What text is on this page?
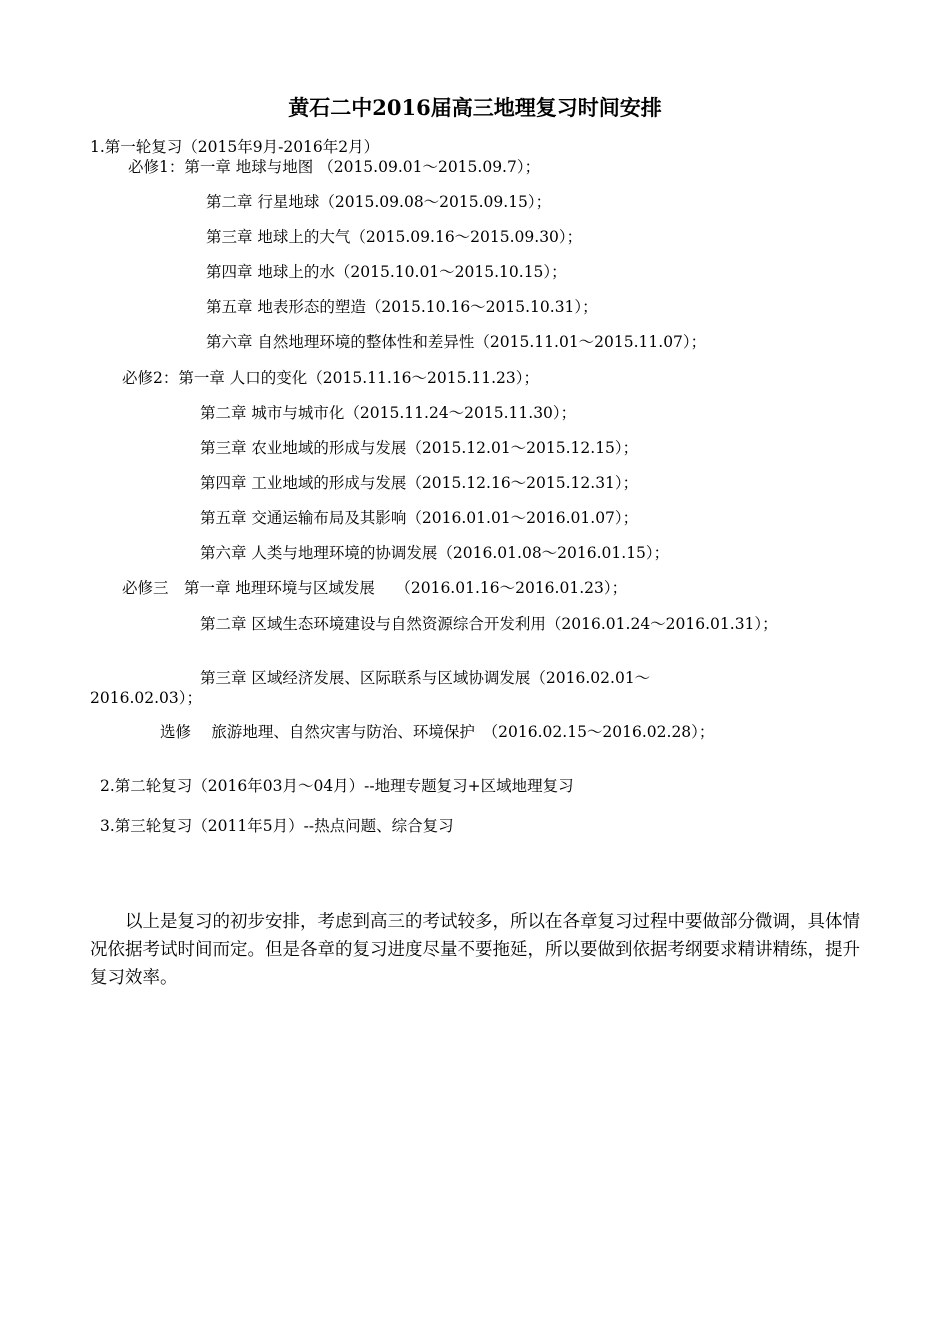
黄石二中2016届高三地理复习时间安排
1.第一轮复习（2015年9月-2016年2月）
必修1：第一章 地球与地图 （2015.09.01～2015.09.7）；
第二章 行星地球（2015.09.08～2015.09.15）；
第三章 地球上的大气（2015.09.16～2015.09.30）；
第四章 地球上的水（2015.10.01～2015.10.15）；
第五章 地表形态的塑造（2015.10.16～2015.10.31）；
第六章 自然地理环境的整体性和差异性（2015.11.01～2015.11.07）；
必修2：第一章 人口的变化（2015.11.16～2015.11.23）；
第二章 城市与城市化（2015.11.24～2015.11.30）；
第三章 农业地域的形成与发展（2015.12.01～2015.12.15）；
第四章 工业地域的形成与发展（2015.12.16～2015.12.31）；
第五章 交通运输布局及其影响（2016.01.01～2016.01.07）；
第六章 人类与地理环境的协调发展（2016.01.08～2016.01.15）；
必修三　第一章 地理环境与区域发展　 （2016.01.16～2016.01.23）；
第二章 区域生态环境建设与自然资源综合开发利用（2016.01.24～2016.01.31）；
第三章 区域经济发展、区际联系与区域协调发展（2016.02.01～2016.02.03）；
选修　 旅游地理、自然灾害与防治、环境保护　（2016.02.15～2016.02.28）；
2.第二轮复习（2016年03月～04月）--地理专题复习+区域地理复习
3.第三轮复习（2011年5月）--热点问题、综合复习
以上是复习的初步安排，考虑到高三的考试较多，所以在各章复习过程中要做部分微调，具体情况依据考试时间而定。但是各章的复习进度尽量不要拖延，所以要做到依据考纲要求精讲精练，提升复习效率。
